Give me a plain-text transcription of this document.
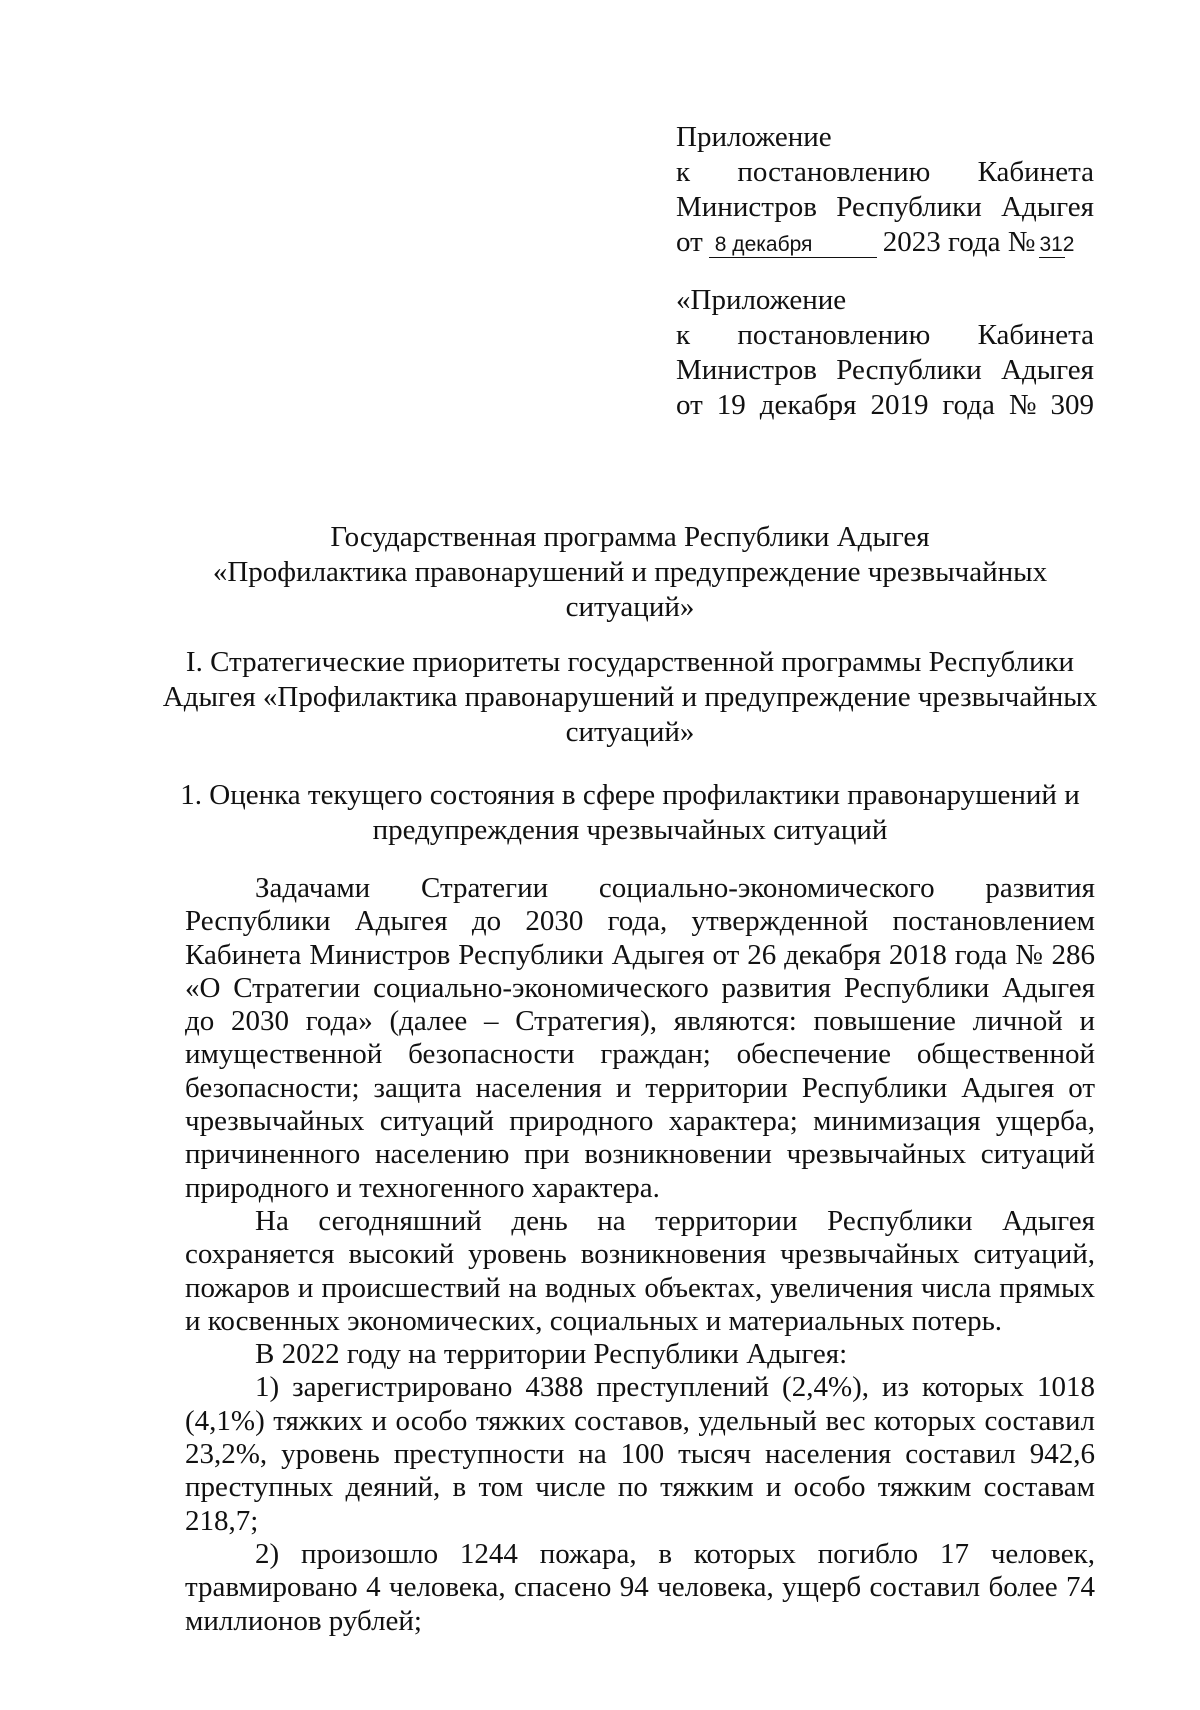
Приложение
к постановлению Кабинета
Министров Республики Адыгея
от 8 декабря 2023 года № 312
«Приложение
к постановлению Кабинета
Министров Республики Адыгея
от 19 декабря 2019 года № 309
Государственная программа Республики Адыгея
«Профилактика правонарушений и предупреждение чрезвычайных
ситуаций»
I. Стратегические приоритеты государственной программы Республики
Адыгея «Профилактика правонарушений и предупреждение чрезвычайных
ситуаций»
1. Оценка текущего состояния в сфере профилактики правонарушений и
предупреждения чрезвычайных ситуаций

Задачами Стратегии социально-экономического развития Республики Адыгея до 2030 года, утвержденной постановлением Кабинета Министров Республики Адыгея от 26 декабря 2018 года № 286 «О Стратегии социально-экономического развития Республики Адыгея до 2030 года» (далее – Стратегия), являются: повышение личной и имущественной безопасности граждан; обеспечение общественной безопасности; защита населения и территории Республики Адыгея от чрезвычайных ситуаций природного характера; минимизация ущерба, причиненного населению при возникновении чрезвычайных ситуаций природного и техногенного характера.

На сегодняшний день на территории Республики Адыгея сохраняется высокий уровень возникновения чрезвычайных ситуаций, пожаров и происшествий на водных объектах, увеличения числа прямых и косвенных экономических, социальных и материальных потерь.

В 2022 году на территории Республики Адыгея:

1) зарегистрировано 4388 преступлений (2,4%), из которых 1018 (4,1%) тяжких и особо тяжких составов, удельный вес которых составил 23,2%, уровень преступности на 100 тысяч населения составил 942,6 преступных деяний, в том числе по тяжким и особо тяжким составам 218,7;

2) произошло 1244 пожара, в которых погибло 17 человек, травмировано 4 человека, спасено 94 человека, ущерб составил более 74 миллионов рублей;
